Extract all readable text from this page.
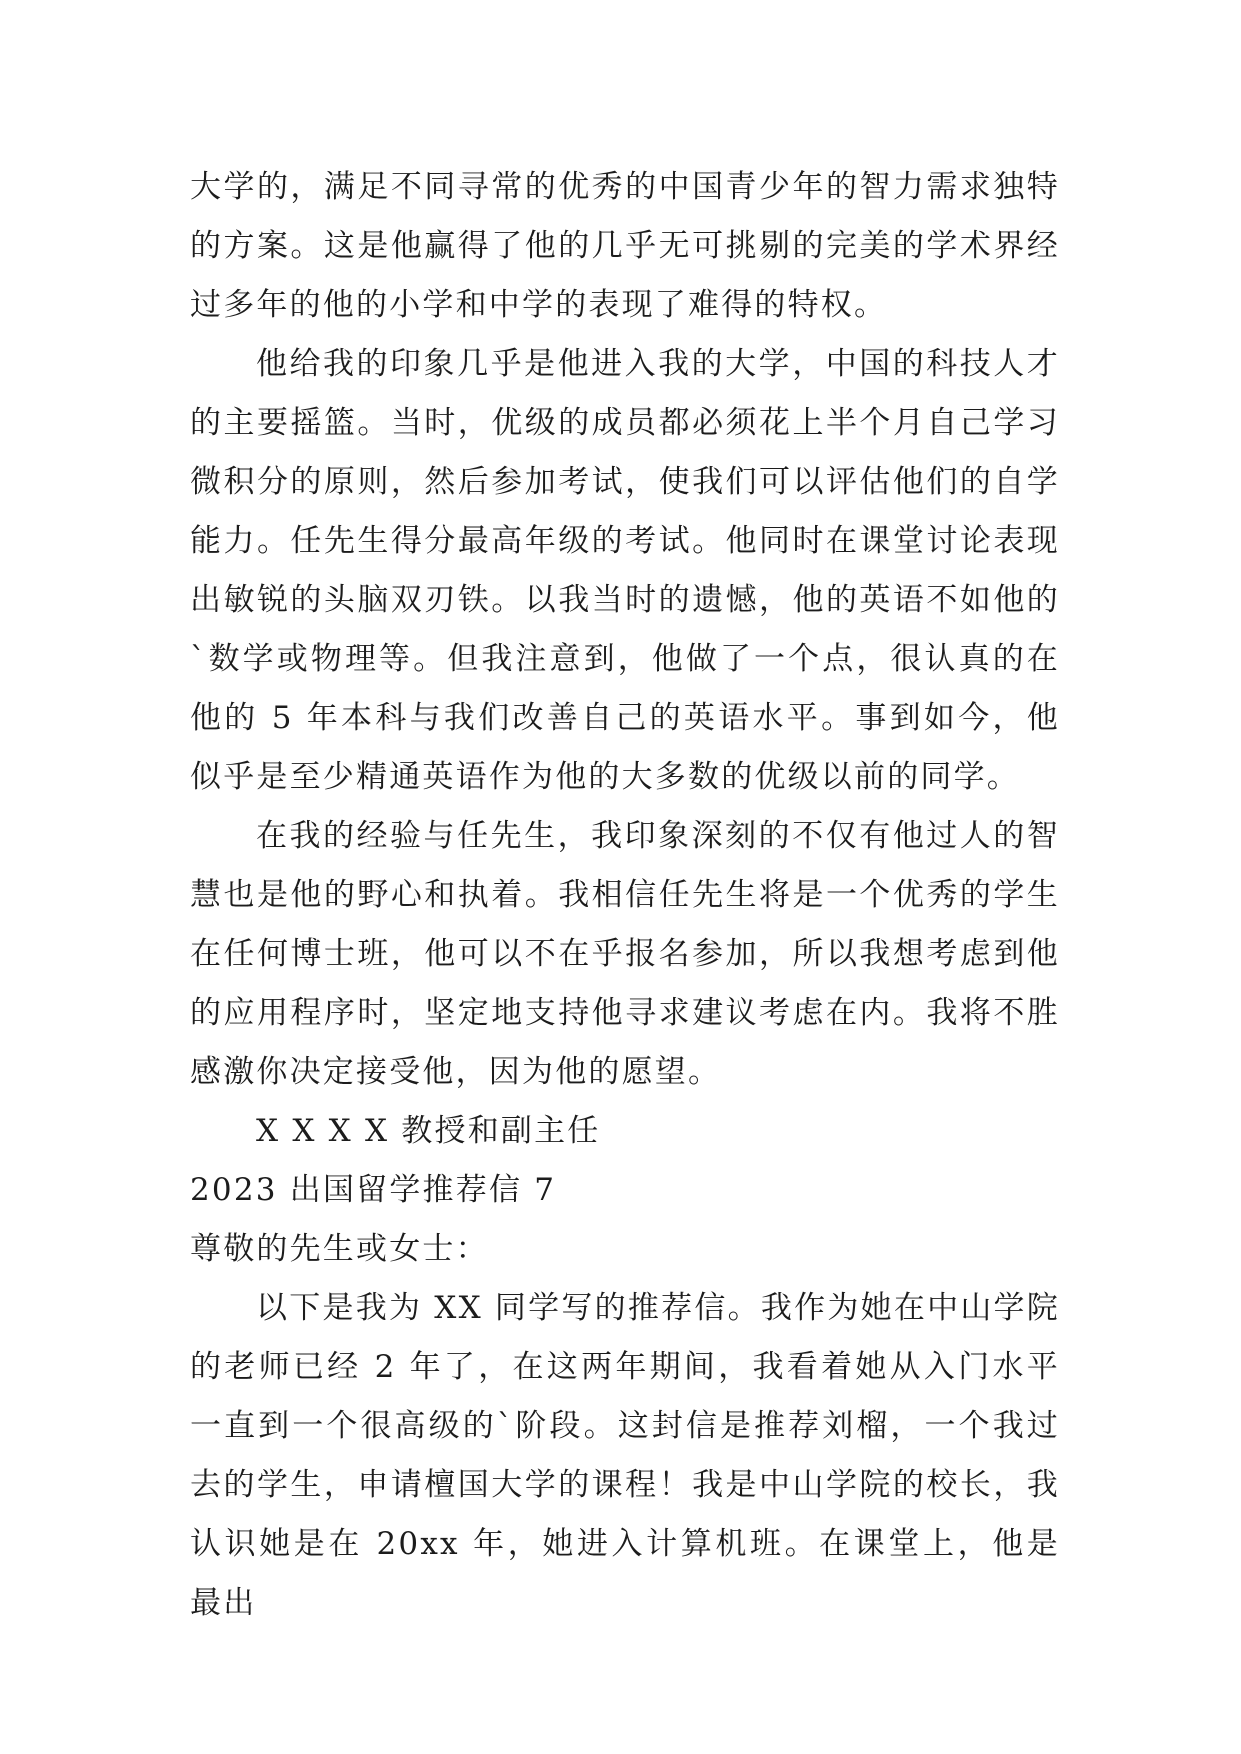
大学的，满足不同寻常的优秀的中国青少年的智力需求独特的方案。这是他赢得了他的几乎无可挑剔的完美的学术界经过多年的他的小学和中学的表现了难得的特权。

他给我的印象几乎是他进入我的大学，中国的科技人才的主要摇篮。当时，优级的成员都必须花上半个月自己学习微积分的原则，然后参加考试，使我们可以评估他们的自学能力。任先生得分最高年级的考试。他同时在课堂讨论表现出敏锐的头脑双刃铁。以我当时的遗憾，他的英语不如他的`数学或物理等。但我注意到，他做了一个点，很认真的在他的 5 年本科与我们改善自己的英语水平。事到如今，他似乎是至少精通英语作为他的大多数的优级以前的同学。

在我的经验与任先生，我印象深刻的不仅有他过人的智慧也是他的野心和执着。我相信任先生将是一个优秀的学生在任何博士班，他可以不在乎报名参加，所以我想考虑到他的应用程序时，坚定地支持他寻求建议考虑在内。我将不胜感激你决定接受他，因为他的愿望。

X X X X 教授和副主任

2023 出国留学推荐信 7

尊敬的先生或女士：

以下是我为 XX 同学写的推荐信。我作为她在中山学院的老师已经 2 年了，在这两年期间，我看着她从入门水平一直到一个很高级的`阶段。这封信是推荐刘榴，一个我过去的学生，申请檀国大学的课程！我是中山学院的校长，我认识她是在 20xx 年，她进入计算机班。在课堂上，他是最出
